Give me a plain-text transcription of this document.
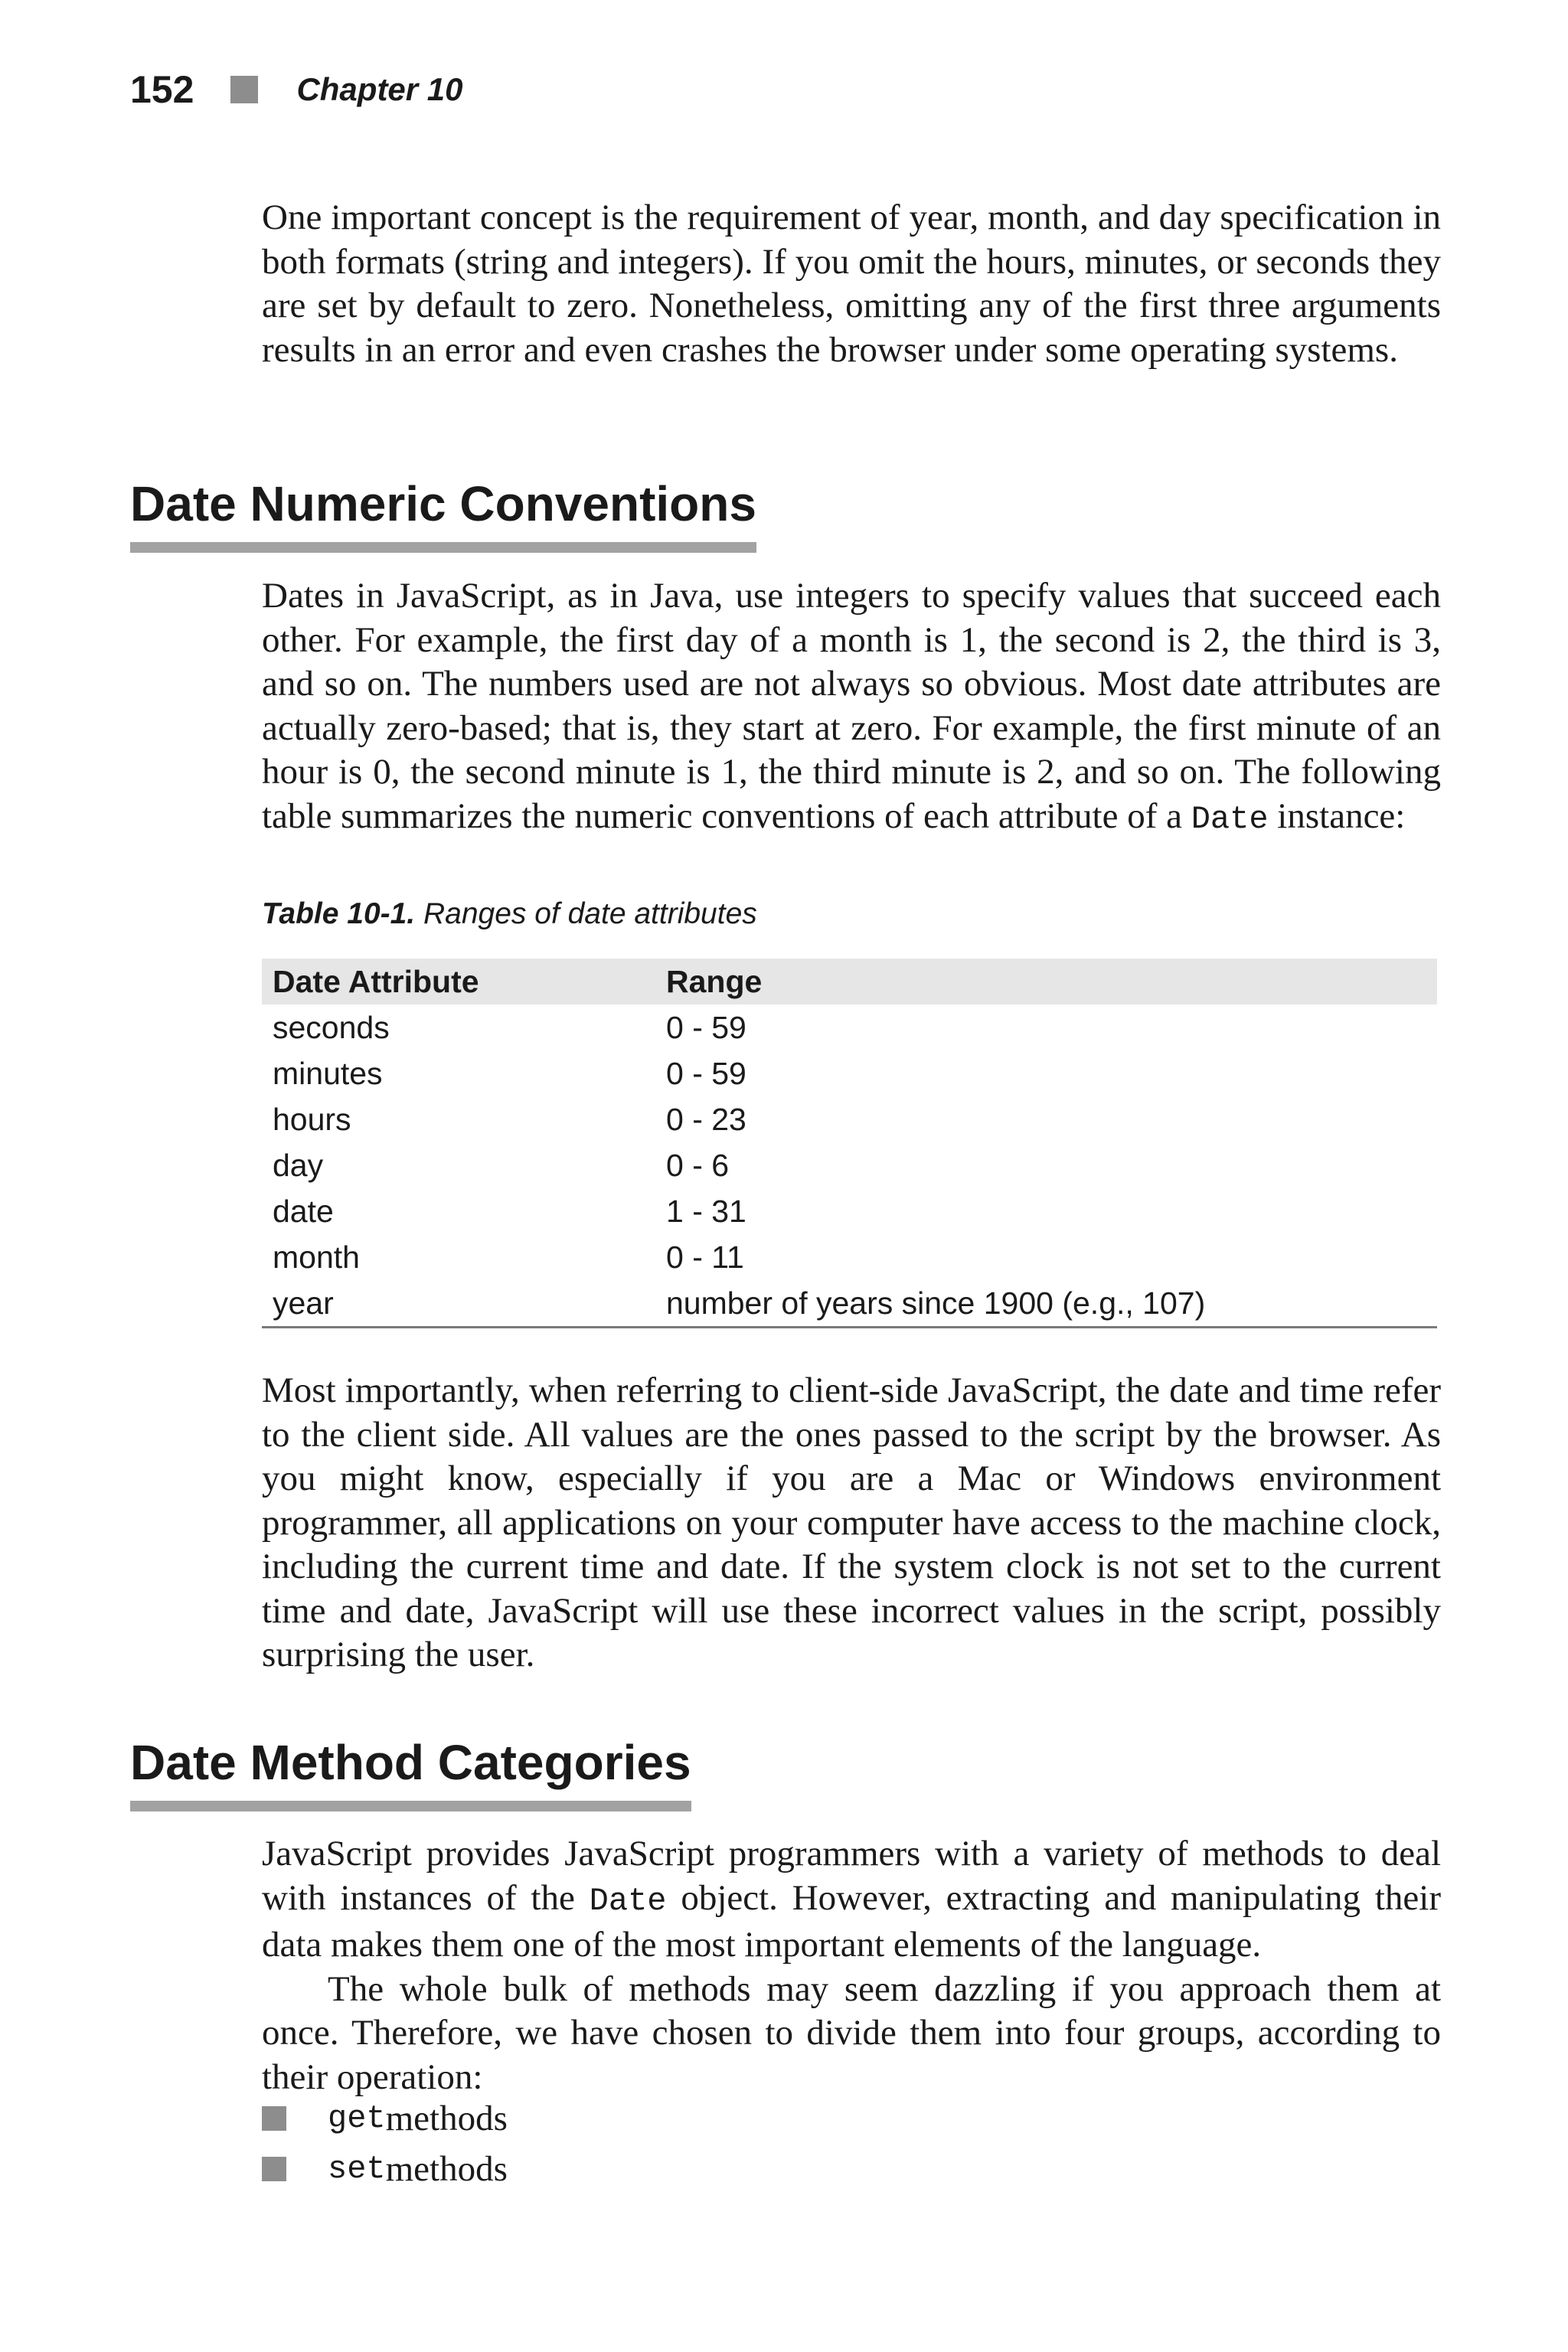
152	Chapter 10

One important concept is the requirement of year, month, and day specification in both formats (string and integers). If you omit the hours, minutes, or seconds they are set by default to zero. Nonetheless, omitting any of the first three arguments results in an error and even crashes the browser under some operating systems.

Date Numeric Conventions

Dates in JavaScript, as in Java, use integers to specify values that succeed each other. For example, the first day of a month is 1, the second is 2, the third is 3, and so on. The numbers used are not always so obvious. Most date attributes are actually zero-based; that is, they start at zero. For example, the first minute of an hour is 0, the second minute is 1, the third minute is 2, and so on. The following table summarizes the numeric conventions of each attribute of a Date instance:

Table 10-1. Ranges of date attributes
Date Attribute	Range
seconds	0 - 59
minutes	0 - 59
hours	0 - 23
day	0 - 6
date	1 - 31
month	0 - 11
year	number of years since 1900 (e.g., 107)

Most importantly, when referring to client-side JavaScript, the date and time refer to the client side. All values are the ones passed to the script by the browser. As you might know, especially if you are a Mac or Windows environment programmer, all applications on your computer have access to the machine clock, including the current time and date. If the system clock is not set to the current time and date, JavaScript will use these incorrect values in the script, possibly surprising the user.

Date Method Categories

JavaScript provides JavaScript programmers with a variety of methods to deal with instances of the Date object. However, extracting and manipulating their data makes them one of the most important elements of the language.

The whole bulk of methods may seem dazzling if you approach them at once. Therefore, we have chosen to divide them into four groups, according to their operation:

get methods
set methods
